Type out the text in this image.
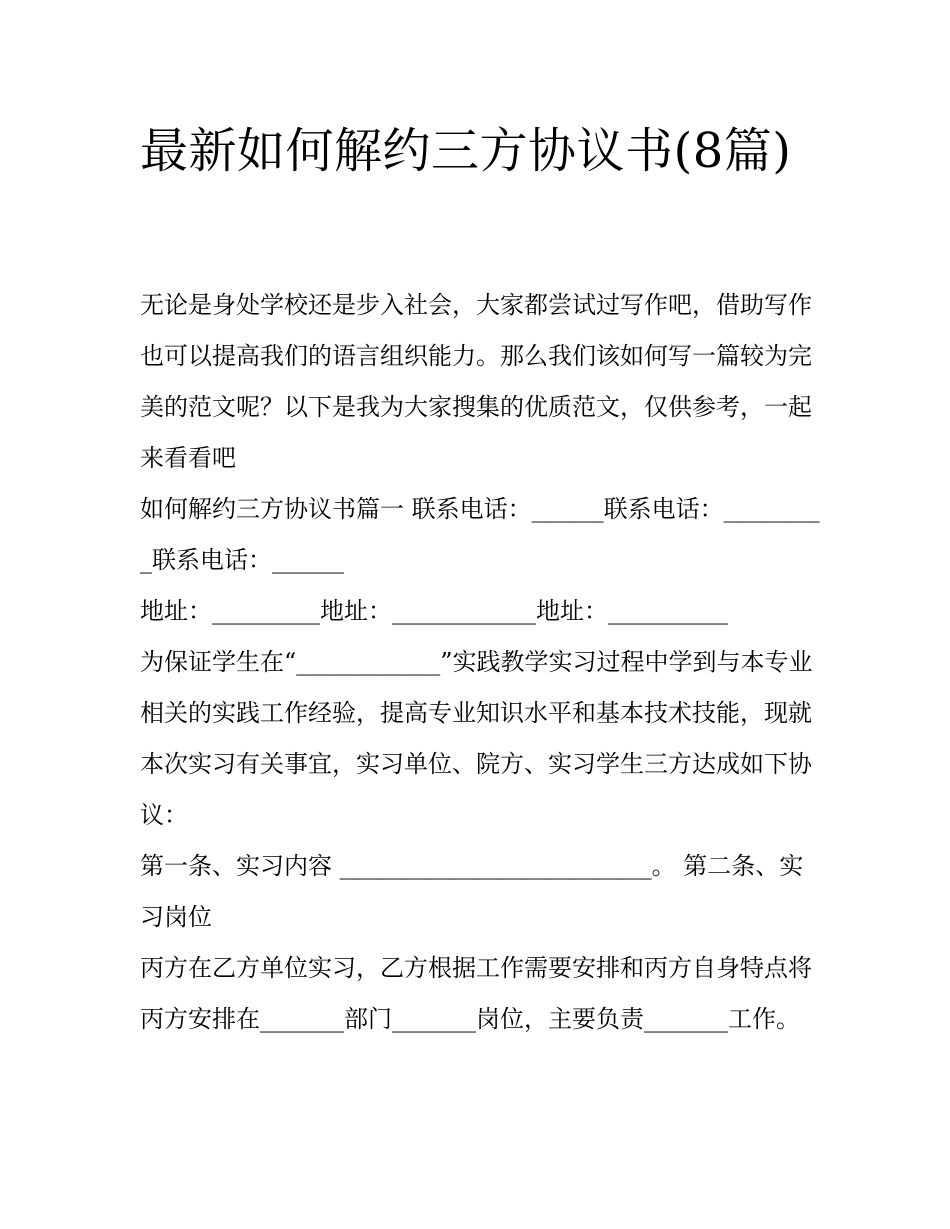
最新如何解约三方协议书(8篇)

无论是身处学校还是步入社会，大家都尝试过写作吧，借助写作也可以提高我们的语言组织能力。那么我们该如何写一篇较为完美的范文呢？以下是我为大家搜集的优质范文，仅供参考，一起来看看吧

如何解约三方协议书篇一 联系电话：______联系电话：_________联系电话：______

地址：_________地址：____________地址：__________

为保证学生在“____________”实践教学实习过程中学到与本专业相关的实践工作经验，提高专业知识水平和基本技术技能，现就本次实习有关事宜，实习单位、院方、实习学生三方达成如下协议：

第一条、实习内容 __________________________。 第二条、实习岗位

丙方在乙方单位实习，乙方根据工作需要安排和丙方自身特点将丙方安排在_______部门_______岗位，主要负责_______工作。
